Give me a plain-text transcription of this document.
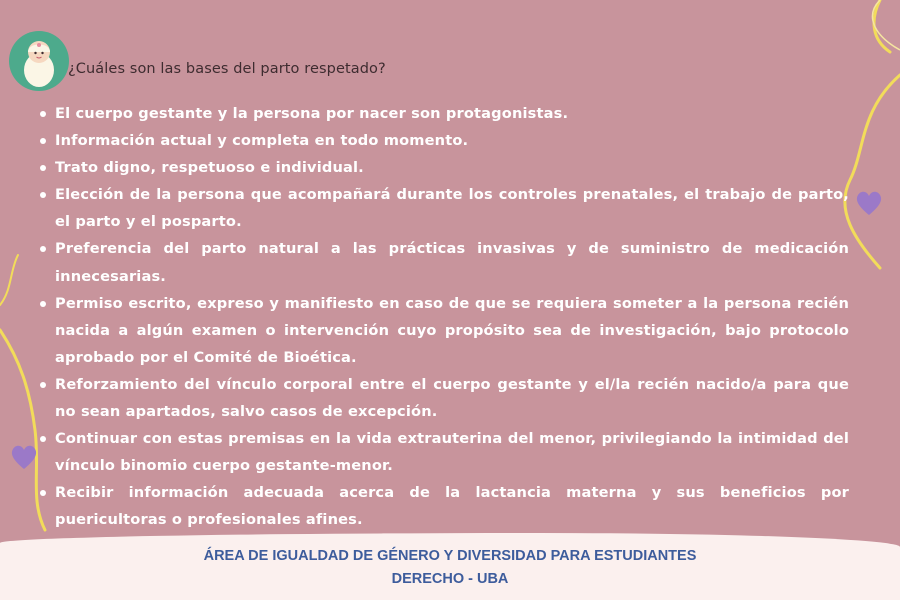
¿Cuáles son las bases del parto respetado?
El cuerpo gestante y la persona por nacer son protagonistas.
Información actual y completa en todo momento.
Trato digno, respetuoso e individual.
Elección de la persona que acompañará durante los controles prenatales, el trabajo de parto, el parto y el posparto.
Preferencia del parto natural a las prácticas invasivas y de suministro de medicación innecesarias.
Permiso escrito, expreso y manifiesto en caso de que se requiera someter a la persona recién nacida a algún examen o intervención cuyo propósito sea de investigación, bajo protocolo aprobado por el Comité de Bioética.
Reforzamiento del vínculo corporal entre el cuerpo gestante y el/la recién nacido/a para que no sean apartados, salvo casos de excepción.
Continuar con estas premisas en la vida extrauterina del menor, privilegiando la intimidad del vínculo binomio cuerpo gestante-menor.
Recibir información adecuada acerca de la lactancia materna y sus beneficios por puericultoras o profesionales afines.
ÁREA DE IGUALDAD DE GÉNERO Y DIVERSIDAD PARA ESTUDIANTES
DERECHO - UBA
